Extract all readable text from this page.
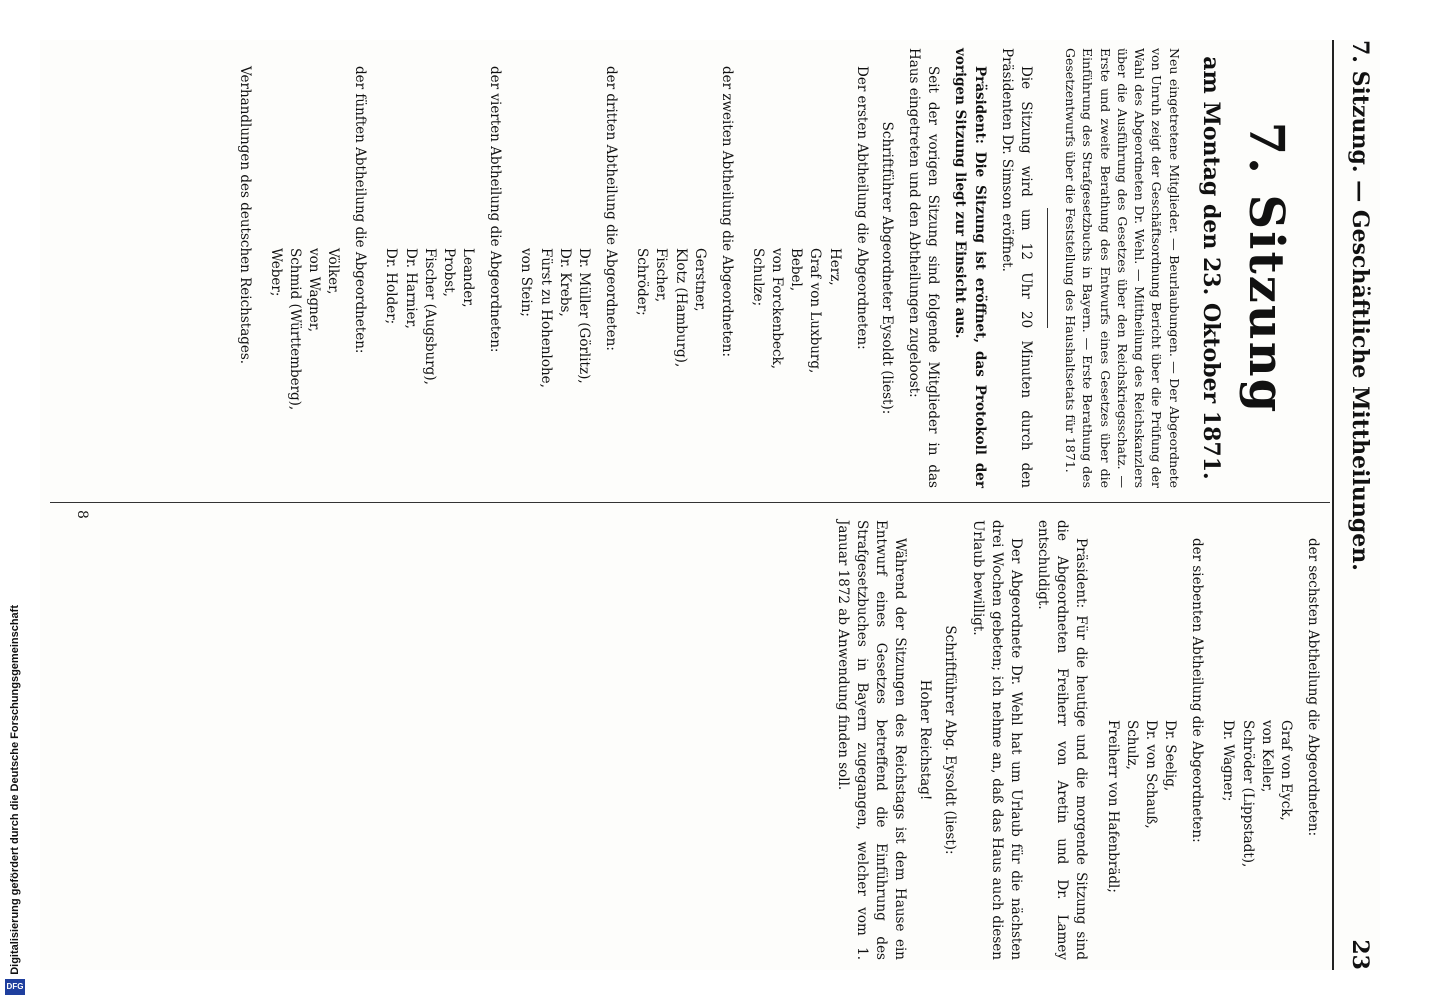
7. Sitzung. — Geschäftliche Mittheilungen.
23
7. Sitzung
am Montag den 23. Oktober 1871.
Neu eingetretene Mitglieder. — Beurlaubungen. — Der Abgeordnete von Unruh zeigt der Geschäftsordnung Bericht über die Prüfung der Wahl des Abgeordneten Dr. Wehl. — Mittheilung des Reichskanzlers über die Ausführung des Gesetzes über den Reichskriegsschatz. — Erste und zweite Berathung des Entwurfs eines Gesetzes über die Einführung des Strafgesetzbuchs in Bayern. — Erste Berathung des Gesetzentwurfs über die Feststellung des Haushaltsetats für 1871.

Die Sitzung wird um 12 Uhr 20 Minuten durch den Präsidenten Dr. Simson eröffnet.

Präsident: Die Sitzung ist eröffnet, das Protokoll der vorigen Sitzung liegt zur Einsicht aus.

Seit der vorigen Sitzung sind folgende Mitglieder in das Haus eingetreten und den Abtheilungen zugeloost:

Schriftführer Abgeordneter Eysoldt (liest):
Der ersten Abtheilung die Abgeordneten:
Herz,
Graf von Luxburg,
Bebel,
von Forckenbeck,
Schulze;
der zweiten Abtheilung die Abgeordneten:
Gerstner,
Klotz (Hamburg),
Fischer,
Schröder;
der dritten Abtheilung die Abgeordneten:
Dr. Müller (Görlitz),
Dr. Krebs,
Fürst zu Hohenlohe,
von Stein;
der vierten Abtheilung die Abgeordneten:
Leander,
Probst,
Fischer (Augsburg),
Dr. Harnier,
Dr. Holder;
der fünften Abtheilung die Abgeordneten:
Völker,
von Wagner,
Schmid (Württemberg),
Weber;
Verhandlungen des deutschen Reichstages.
der sechsten Abtheilung die Abgeordneten:
Graf von Eyck,
von Keller,
Schröder (Lippstadt),
Dr. Wagner;
der siebenten Abtheilung die Abgeordneten:
Dr. Seelig,
Dr. von Schauß,
Schulz,
Freiherr von Hafenbrädl;

Präsident: Für die heutige und die morgende Sitzung sind die Abgeordneten Freiherr von Aretin und Dr. Lamey entschuldigt.

Der Abgeordnete Dr. Wehl hat um Urlaub für die nächsten drei Wochen gebeten; ich nehme an, daß das Haus auch diesen Urlaub bewilligt.

Schriftführer Abg. Eysoldt (liest):
Hoher Reichstag!

Während der Sitzungen des Reichstags ist dem Hause ein Entwurf eines Gesetzes betreffend die Einführung des Strafgesetzbuches in Bayern zugegangen, welcher vom 1. Januar 1872 ab Anwendung finden soll.

8
Digitalisierung gefördert durch die Deutsche Forschungsgemeinschaft
DFG
